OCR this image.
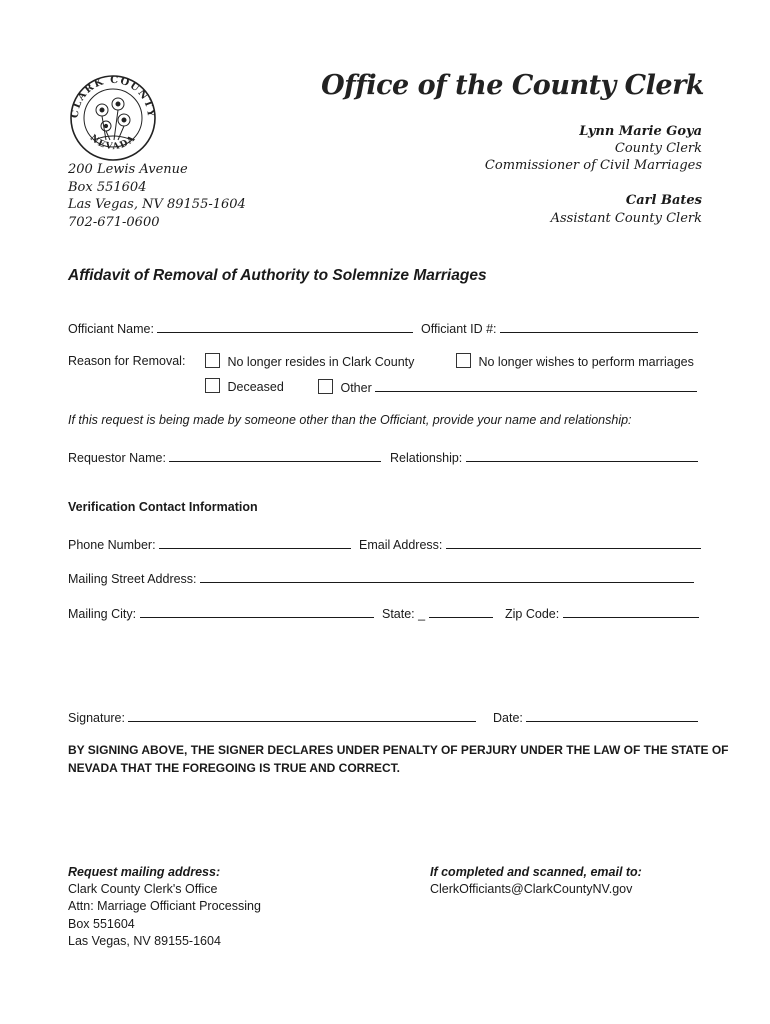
CLARK COUNTY
NEVADA
Office of the County Clerk
Lynn Marie Goya
County Clerk
Commissioner of Civil Marriages
Carl Bates
Assistant County Clerk
200 Lewis Avenue
Box 551604
Las Vegas, NV 89155-1604
702-671-0600
Affidavit of Removal of Authority to Solemnize Marriages
Officiant Name:	Officiant ID #:
Reason for Removal:	No longer resides in Clark County	No longer wishes to perform marriages
Deceased	Other
If this request is being made by someone other than the Officiant, provide your name and relationship:
Requestor Name:	Relationship:
Verification Contact Information
Phone Number:	Email Address:
Mailing Street Address:
Mailing City:	State: _	Zip Code:
Signature:	Date:
BY SIGNING ABOVE, THE SIGNER DECLARES UNDER PENALTY OF PERJURY UNDER THE LAW OF THE STATE OF
NEVADA THAT THE FOREGOING IS TRUE AND CORRECT.
Request mailing address:
Clark County Clerk's Office
Attn: Marriage Officiant Processing
Box 551604
Las Vegas, NV 89155-1604
If completed and scanned, email to:
ClerkOfficiants@ClarkCountyNV.gov
